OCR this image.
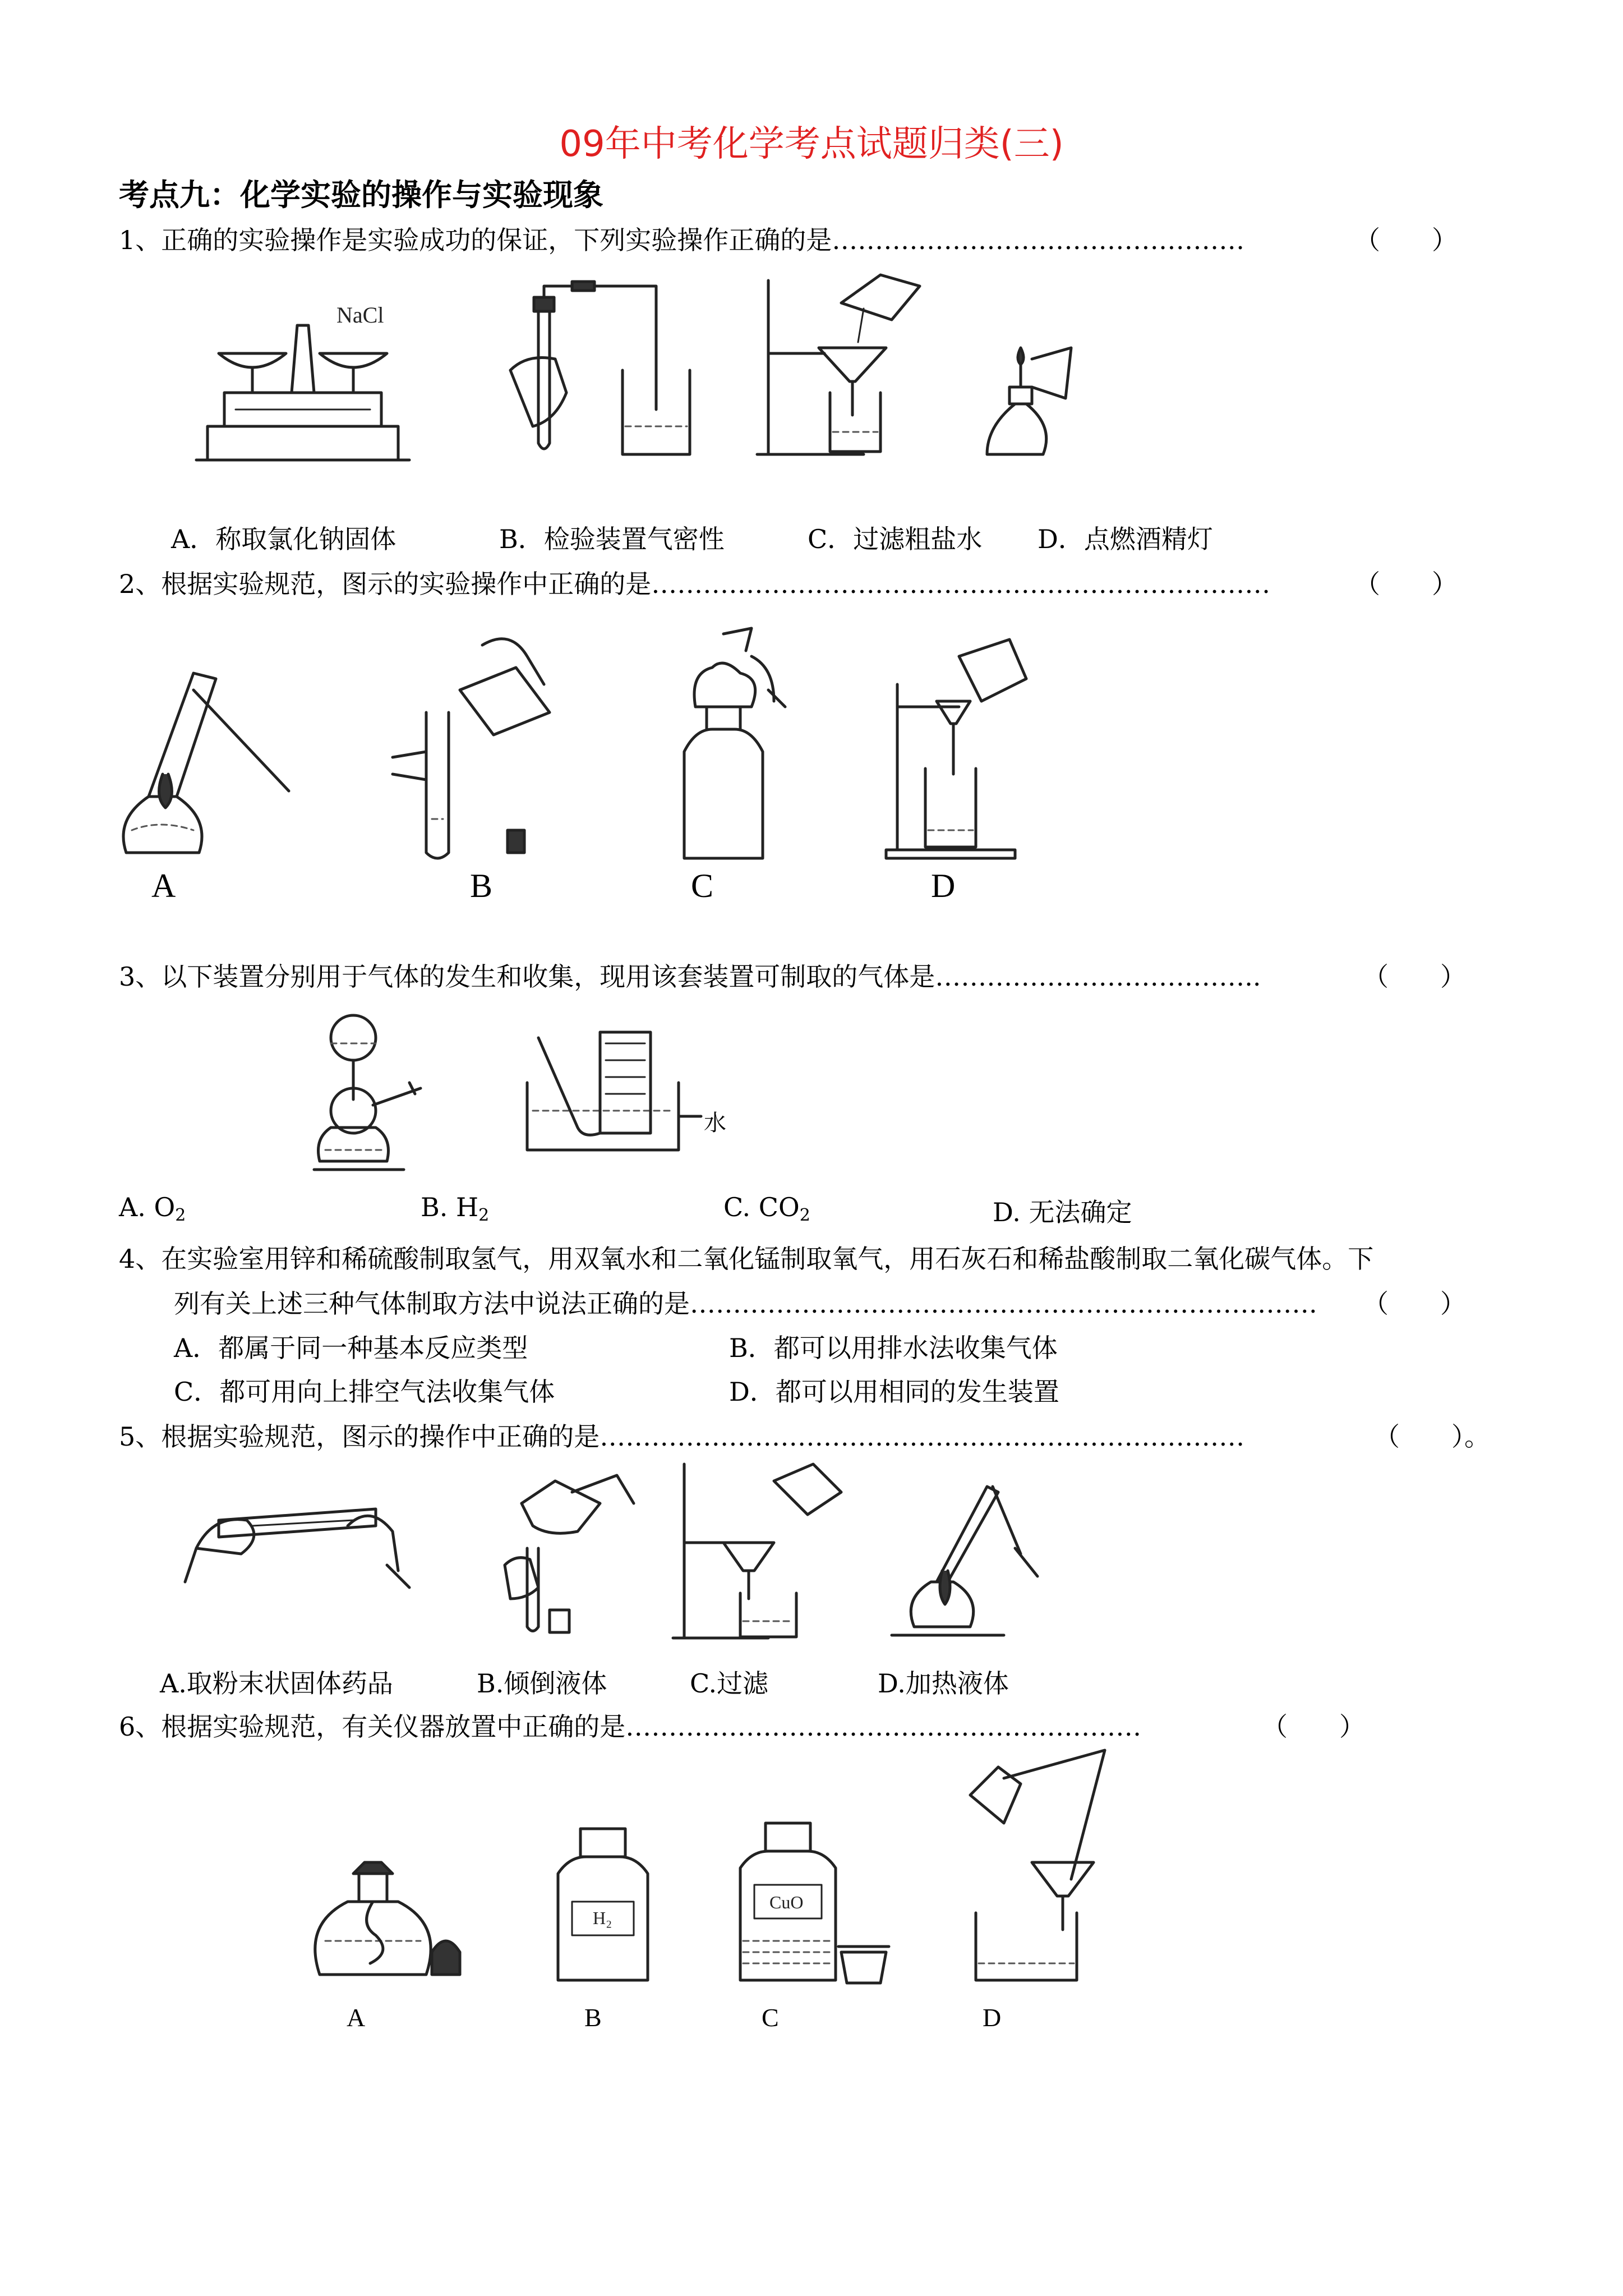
09年中考化学考点试题归类(三)
考点九：化学实验的操作与实验现象
1、正确的实验操作是实验成功的保证，下列实验操作正确的是…………………………………………	（　　）
NaCl
A．称取氯化钠固体	B．检验装置气密性	C．过滤粗盐水 D．点燃酒精灯
2、根据实验规范，图示的实验操作中正确的是………………………………………………………………	（　　）
A	B	C	D
3、以下装置分别用于气体的发生和收集，现用该套装置可制取的气体是………………………………..	（　　）
水
A. $O_2$	B. $H_2$	C. $CO_2$	D. 无法确定
4、在实验室用锌和稀硫酸制取氢气，用双氧水和二氧化锰制取氧气，用石灰石和稀盐酸制取二氧化碳气体。下
列有关上述三种气体制取方法中说法正确的是………………………………………………………………. （　　）
A．都属于同一种基本反应类型	B．都可以用排水法收集气体
C．都可用向上排空气法收集气体	D．都可以用相同的发生装置
5、根据实验规范，图示的操作中正确的是…………………………………………………………………	（　　）。
A.取粉末状固体药品	B.倾倒液体	C.过滤	D.加热液体
6、根据实验规范，有关仪器放置中正确的是……………………………………………………	（　　）
H₂
CuO
A	B	C	D
